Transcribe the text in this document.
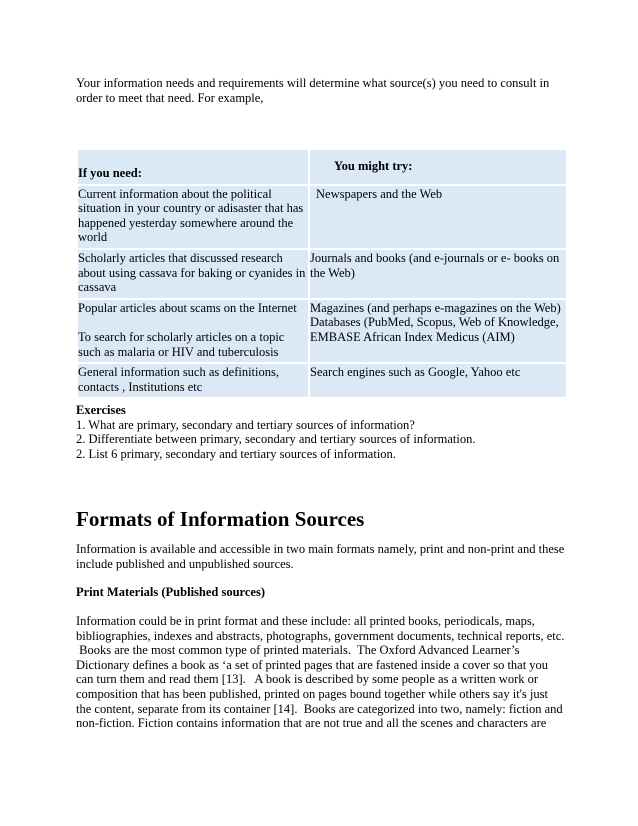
Your information needs and requirements will determine what source(s) you need to consult in order to meet that need. For example,

If you need:	You might try:
Current information about the political situation in your country or adisaster that has happened yesterday somewhere around the world	Newspapers and the Web

Scholarly articles that discussed research about using cassava for baking or cyanides in cassava	Journals and books (and e-journals or e- books on the Web)

Popular articles about scams on the Internet
To search for scholarly articles on a topic such as malaria or HIV and tuberculosis	Magazines (and perhaps e-magazines on the Web) Databases (PubMed, Scopus, Web of Knowledge, EMBASE African Index Medicus (AIM)
General information such as definitions, contacts , Institutions etc	Search engines such as Google, Yahoo etc
Exercises
1. What are primary, secondary and tertiary sources of information?
2. Differentiate between primary, secondary and tertiary sources of information.
2. List 6 primary, secondary and tertiary sources of information.
Formats of Information Sources

Information is available and accessible in two main formats namely, print and non-print and these include published and unpublished sources.

Print Materials (Published sources)

Information could be in print format and these include: all printed books, periodicals, maps, bibliographies, indexes and abstracts, photographs, government documents, technical reports, etc.

Books are the most common type of printed materials.  The Oxford Advanced Learner’s Dictionary defines a book as ‘a set of printed pages that are fastened inside a cover so that you can turn them and read them [13].   A book is described by some people as a written work or composition that has been published, printed on pages bound together while others say it's just the content, separate from its container [14].  Books are categorized into two, namely: fiction and non-fiction. Fiction contains information that are not true and all the scenes and characters are
